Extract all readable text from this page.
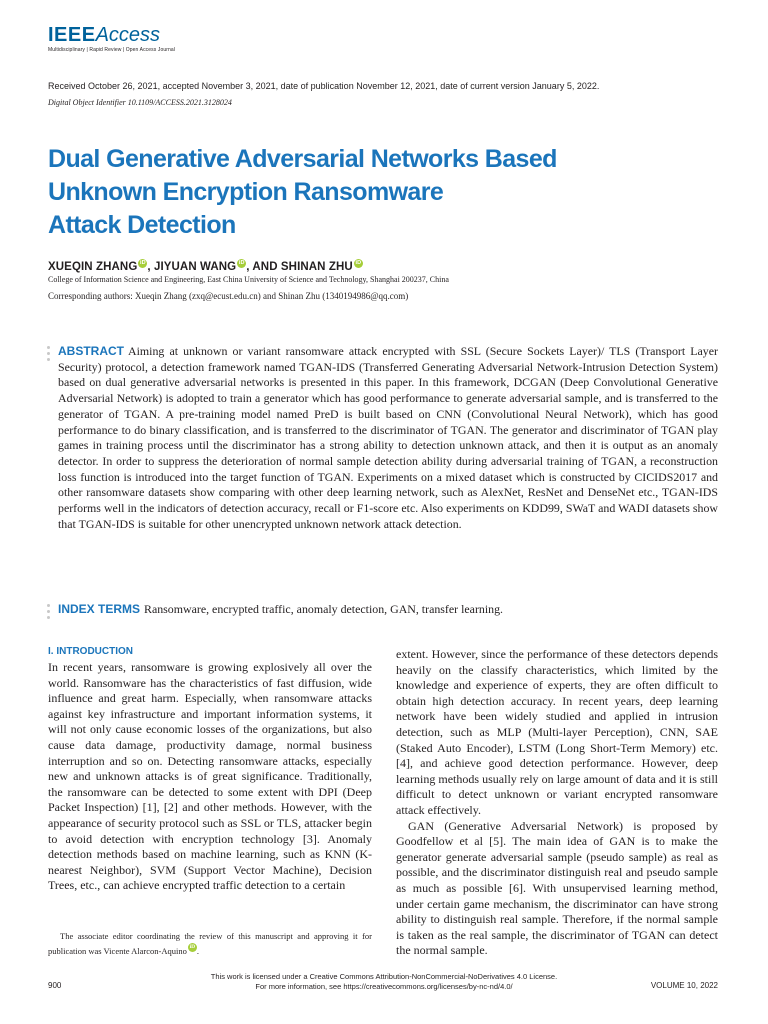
IEEEAccess
Multidisciplinary | Rapid Review | Open Access Journal
Received October 26, 2021, accepted November 3, 2021, date of publication November 12, 2021, date of current version January 5, 2022.
Digital Object Identifier 10.1109/ACCESS.2021.3128024
Dual Generative Adversarial Networks Based
Unknown Encryption Ransomware
Attack Detection
XUEQIN ZHANG iD , JIYUAN WANG iD , AND SHINAN ZHU iD
College of Information Science and Engineering, East China University of Science and Technology, Shanghai 200237, China
Corresponding authors: Xueqin Zhang (zxq@ecust.edu.cn) and Shinan Zhu (1340194986@qq.com)
ABSTRACT Aiming at unknown or variant ransomware attack encrypted with SSL (Secure Sockets Layer)/ TLS (Transport Layer Security) protocol, a detection framework named TGAN-IDS (Transferred Generating Adversarial Network-Intrusion Detection System) based on dual generative adversarial networks is presented in this paper. In this framework, DCGAN (Deep Convolutional Generative Adversarial Network) is adopted to train a generator which has good performance to generate adversarial sample, and is transferred to the generator of TGAN. A pre-training model named PreD is built based on CNN (Convolutional Neural Network), which has good performance to do binary classification, and is transferred to the discriminator of TGAN. The generator and discriminator of TGAN play games in training process until the discriminator has a strong ability to detection unknown attack, and then it is output as an anomaly detector. In order to suppress the deterioration of normal sample detection ability during adversarial training of TGAN, a reconstruction loss function is introduced into the target function of TGAN. Experiments on a mixed dataset which is constructed by CICIDS2017 and other ransomware datasets show comparing with other deep learning network, such as AlexNet, ResNet and DenseNet etc., TGAN-IDS performs well in the indicators of detection accuracy, recall or F1-score etc. Also experiments on KDD99, SWaT and WADI datasets show that TGAN-IDS is suitable for other unencrypted unknown network attack detection.
INDEX TERMS Ransomware, encrypted traffic, anomaly detection, GAN, transfer learning.
I. INTRODUCTION
In recent years, ransomware is growing explosively all over the world. Ransomware has the characteristics of fast diffusion, wide influence and great harm. Especially, when ransomware attacks against key infrastructure and important information systems, it will not only cause economic losses of the organizations, but also cause data damage, productivity damage, normal business interruption and so on. Detecting ransomware attacks, especially new and unknown attacks is of great significance. Traditionally, the ransomware can be detected to some extent with DPI (Deep Packet Inspection) [1], [2] and other methods. However, with the appearance of security protocol such as SSL or TLS, attacker begin to avoid detection with encryption technology [3]. Anomaly detection methods based on machine learning, such as KNN (K-nearest Neighbor), SVM (Support Vector Machine), Decision Trees, etc., can achieve encrypted traffic detection to a certain
The associate editor coordinating the review of this manuscript and approving it for publication was Vicente Alarcon-Aquino iD .
extent. However, since the performance of these detectors depends heavily on the classify characteristics, which limited by the knowledge and experience of experts, they are often difficult to obtain high detection accuracy. In recent years, deep learning network have been widely studied and applied in intrusion detection, such as MLP (Multi-layer Perception), CNN, SAE (Staked Auto Encoder), LSTM (Long Short-Term Memory) etc. [4], and achieve good detection performance. However, deep learning methods usually rely on large amount of data and it is still difficult to detect unknown or variant encrypted ransomware attack effectively.
GAN (Generative Adversarial Network) is proposed by Goodfellow et al [5]. The main idea of GAN is to make the generator generate adversarial sample (pseudo sample) as real as possible, and the discriminator distinguish real and pseudo sample as much as possible [6]. With unsupervised learning method, under certain game mechanism, the discriminator can have strong ability to distinguish real sample. Therefore, if the normal sample is taken as the real sample, the discriminator of TGAN can detect the normal sample.
This work is licensed under a Creative Commons Attribution-NonCommercial-NoDerivatives 4.0 License.
For more information, see https://creativecommons.org/licenses/by-nc-nd/4.0/
900	VOLUME 10, 2022
